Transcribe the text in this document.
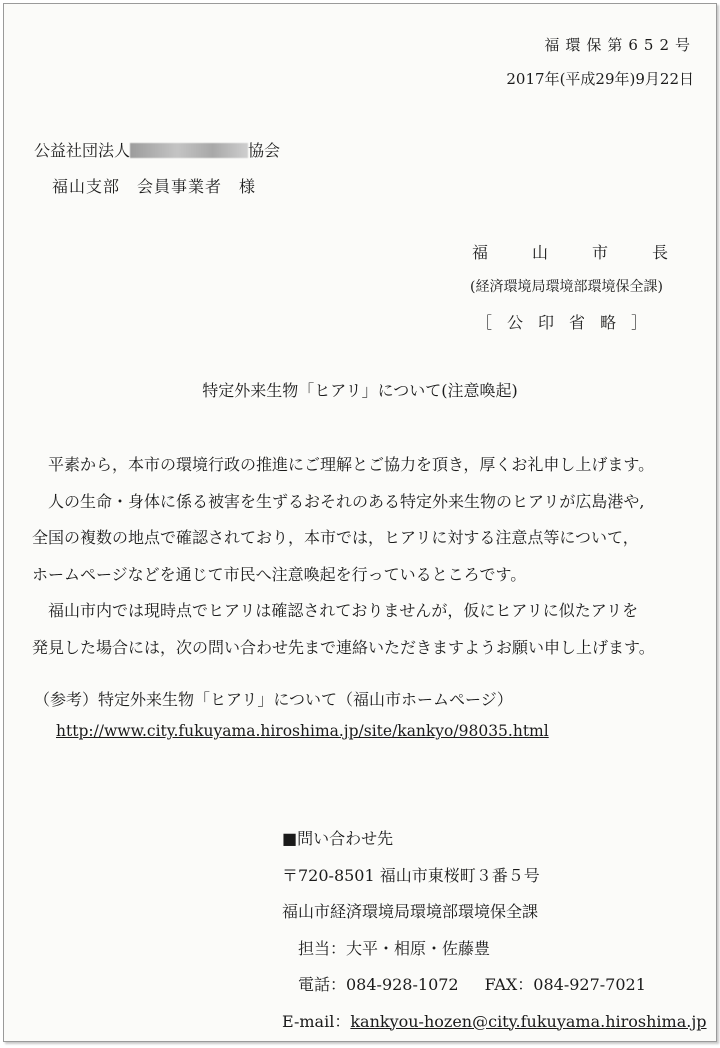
福環保第652号
2017年(平成29年)9月22日
公益社団法人	協会
福山支部　会員事業者　様
福	山	市	長
(経済環境局環境部環境保全課)
［ 公 印 省 略 ］
特定外来生物「ヒアリ」について(注意喚起)

　平素から，本市の環境行政の推進にご理解とご協力を頂き，厚くお礼申し上げます。

　人の生命・身体に係る被害を生ずるおそれのある特定外来生物のヒアリが広島港や,

全国の複数の地点で確認されており，本市では，ヒアリに対する注意点等について，

ホームページなどを通じて市民へ注意喚起を行っているところです。

　福山市内では現時点でヒアリは確認されておりませんが，仮にヒアリに似たアリを

発見した場合には，次の問い合わせ先まで連絡いただきますようお願い申し上げます。

（参考）特定外来生物「ヒアリ」について（福山市ホームページ）
http://www.city.fukuyama.hiroshima.jp/site/kankyo/98035.html
■問い合わせ先
〒720-8501 福山市東桜町３番５号
福山市経済環境局環境部環境保全課
担当：大平・相原・佐藤豊
電話：084-928-1072 FAX：084-927-7021
E-mail：kankyou-hozen@city.fukuyama.hiroshima.jp
